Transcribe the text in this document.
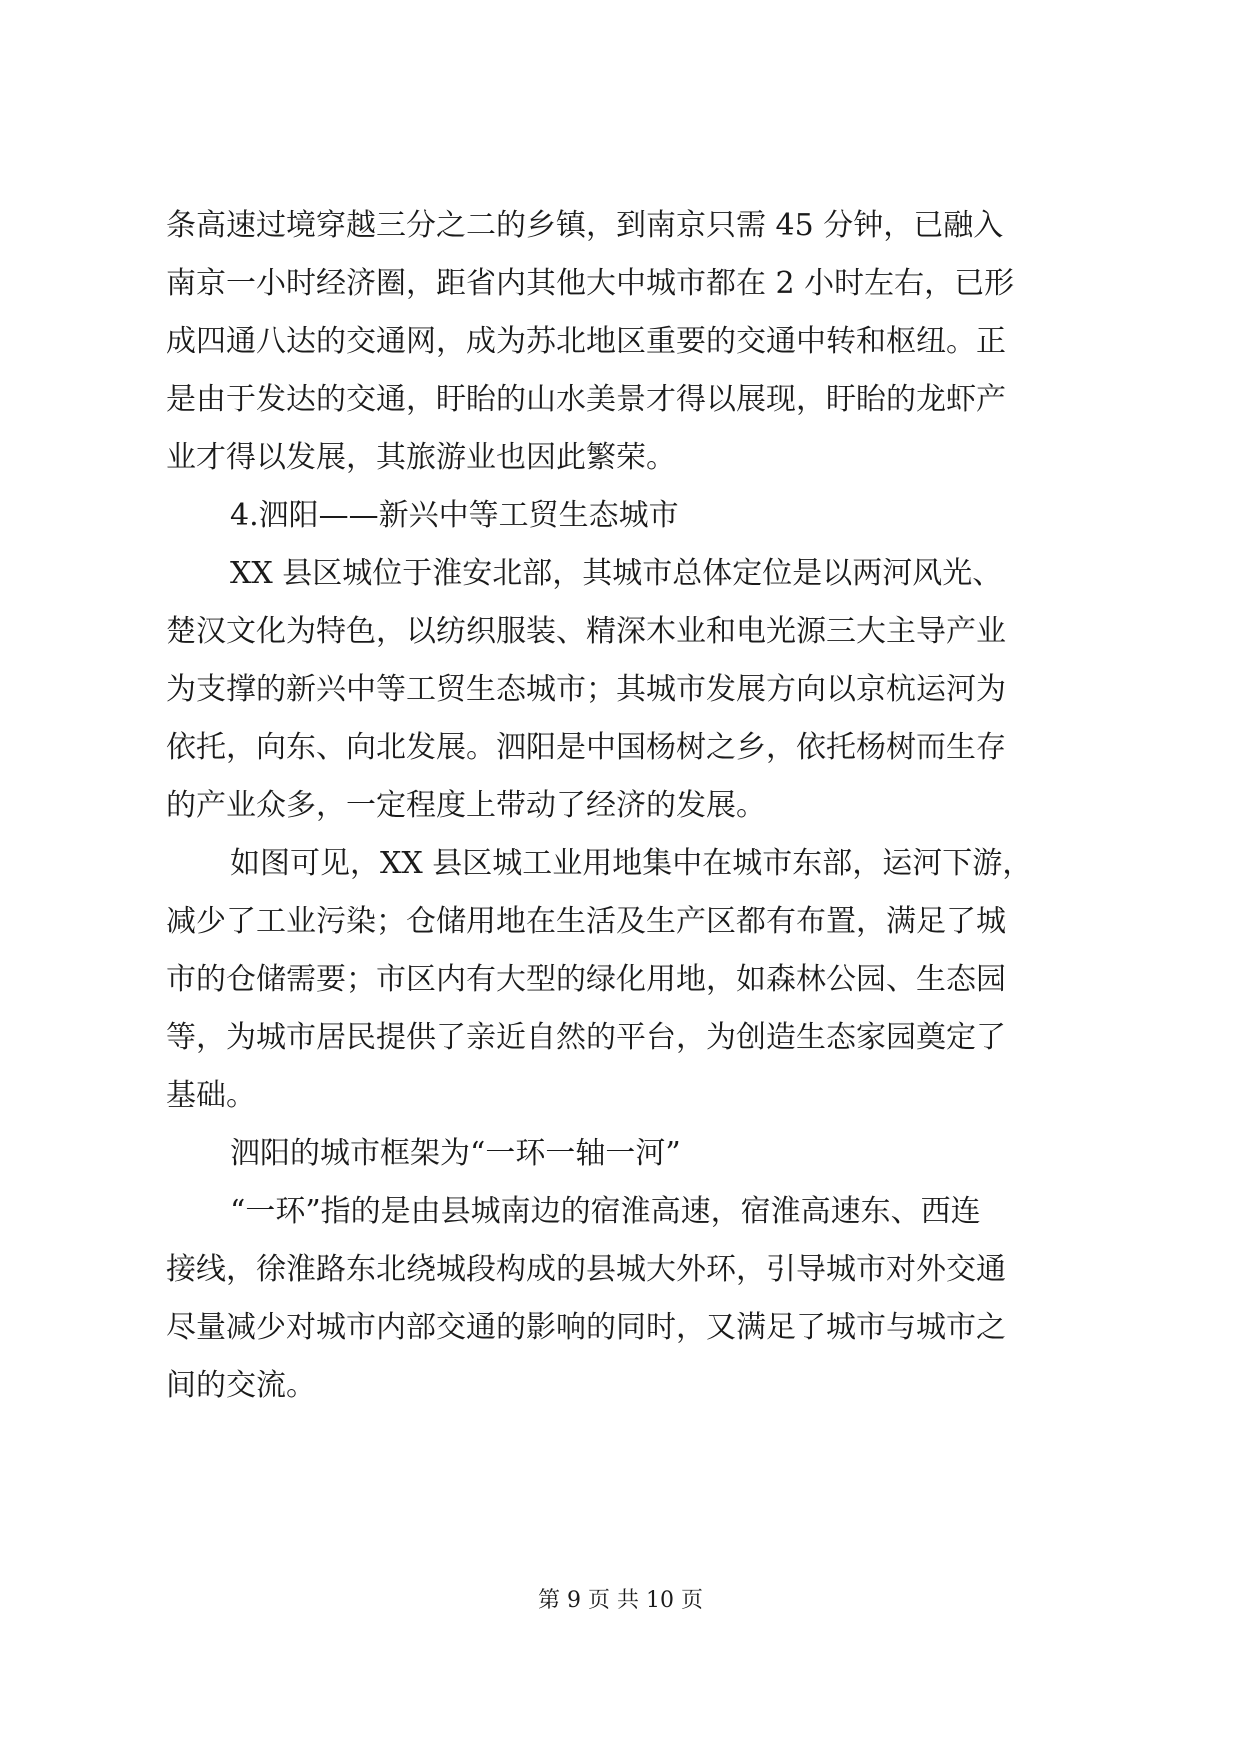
条高速过境穿越三分之二的乡镇，到南京只需 45 分钟，已融入
南京一小时经济圈，距省内其他大中城市都在 2 小时左右，已形
成四通八达的交通网，成为苏北地区重要的交通中转和枢纽。正
是由于发达的交通，盱眙的山水美景才得以展现，盱眙的龙虾产
业才得以发展，其旅游业也因此繁荣。
4.泗阳——新兴中等工贸生态城市
XX 县区城位于淮安北部，其城市总体定位是以两河风光、
楚汉文化为特色，以纺织服装、精深木业和电光源三大主导产业
为支撑的新兴中等工贸生态城市；其城市发展方向以京杭运河为
依托，向东、向北发展。泗阳是中国杨树之乡，依托杨树而生存
的产业众多，一定程度上带动了经济的发展。
如图可见，XX 县区城工业用地集中在城市东部，运河下游，
减少了工业污染；仓储用地在生活及生产区都有布置，满足了城
市的仓储需要；市区内有大型的绿化用地，如森林公园、生态园
等，为城市居民提供了亲近自然的平台，为创造生态家园奠定了
基础。
泗阳的城市框架为“一环一轴一河”
“一环”指的是由县城南边的宿淮高速，宿淮高速东、西连
接线，徐淮路东北绕城段构成的县城大外环，引导城市对外交通
尽量减少对城市内部交通的影响的同时，又满足了城市与城市之
间的交流。
第 9 页 共 10 页
